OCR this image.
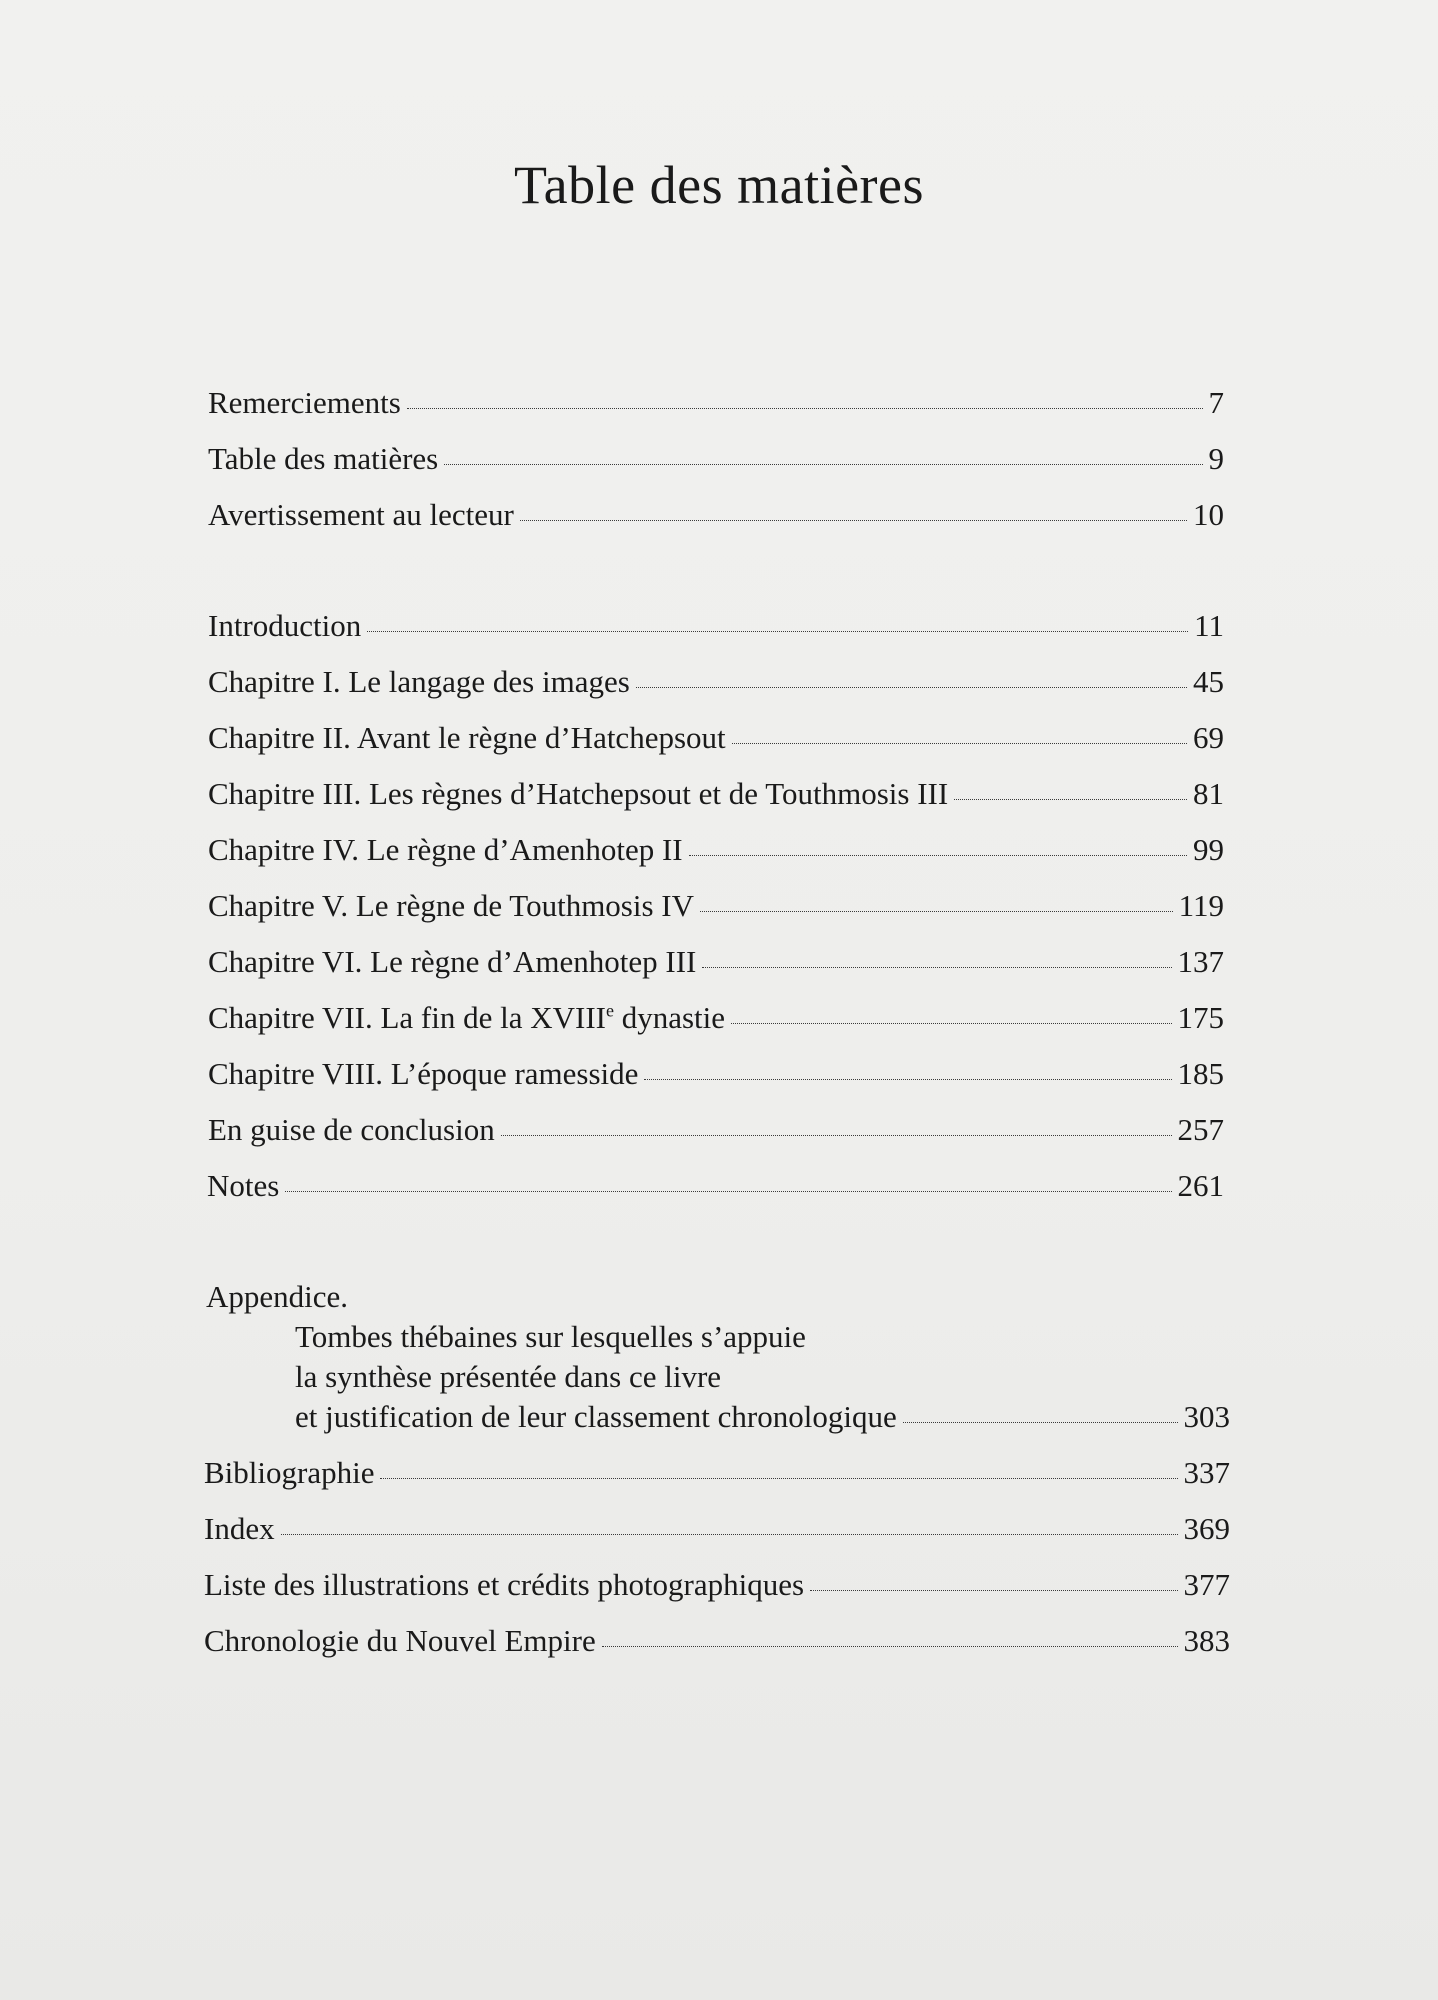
Table des matières
Remerciements	7
Table des matières	9
Avertissement au lecteur	10
Introduction	11
Chapitre I. Le langage des images	45
Chapitre II. Avant le règne d’Hatchepsout	69
Chapitre III. Les règnes d’Hatchepsout et de Touthmosis III	81
Chapitre IV. Le règne d’Amenhotep II	99
Chapitre V. Le règne de Touthmosis IV	119
Chapitre VI. Le règne d’Amenhotep III	137
Chapitre VII. La fin de la XVIIIe dynastie	175
Chapitre VIII. L’époque ramesside	185
En guise de conclusion	257
Notes	261
Appendice.
Tombes thébaines sur lesquelles s’appuie
la synthèse présentée dans ce livre
et justification de leur classement chronologique	303
Bibliographie	337
Index	369
Liste des illustrations et crédits photographiques	377
Chronologie du Nouvel Empire	383
